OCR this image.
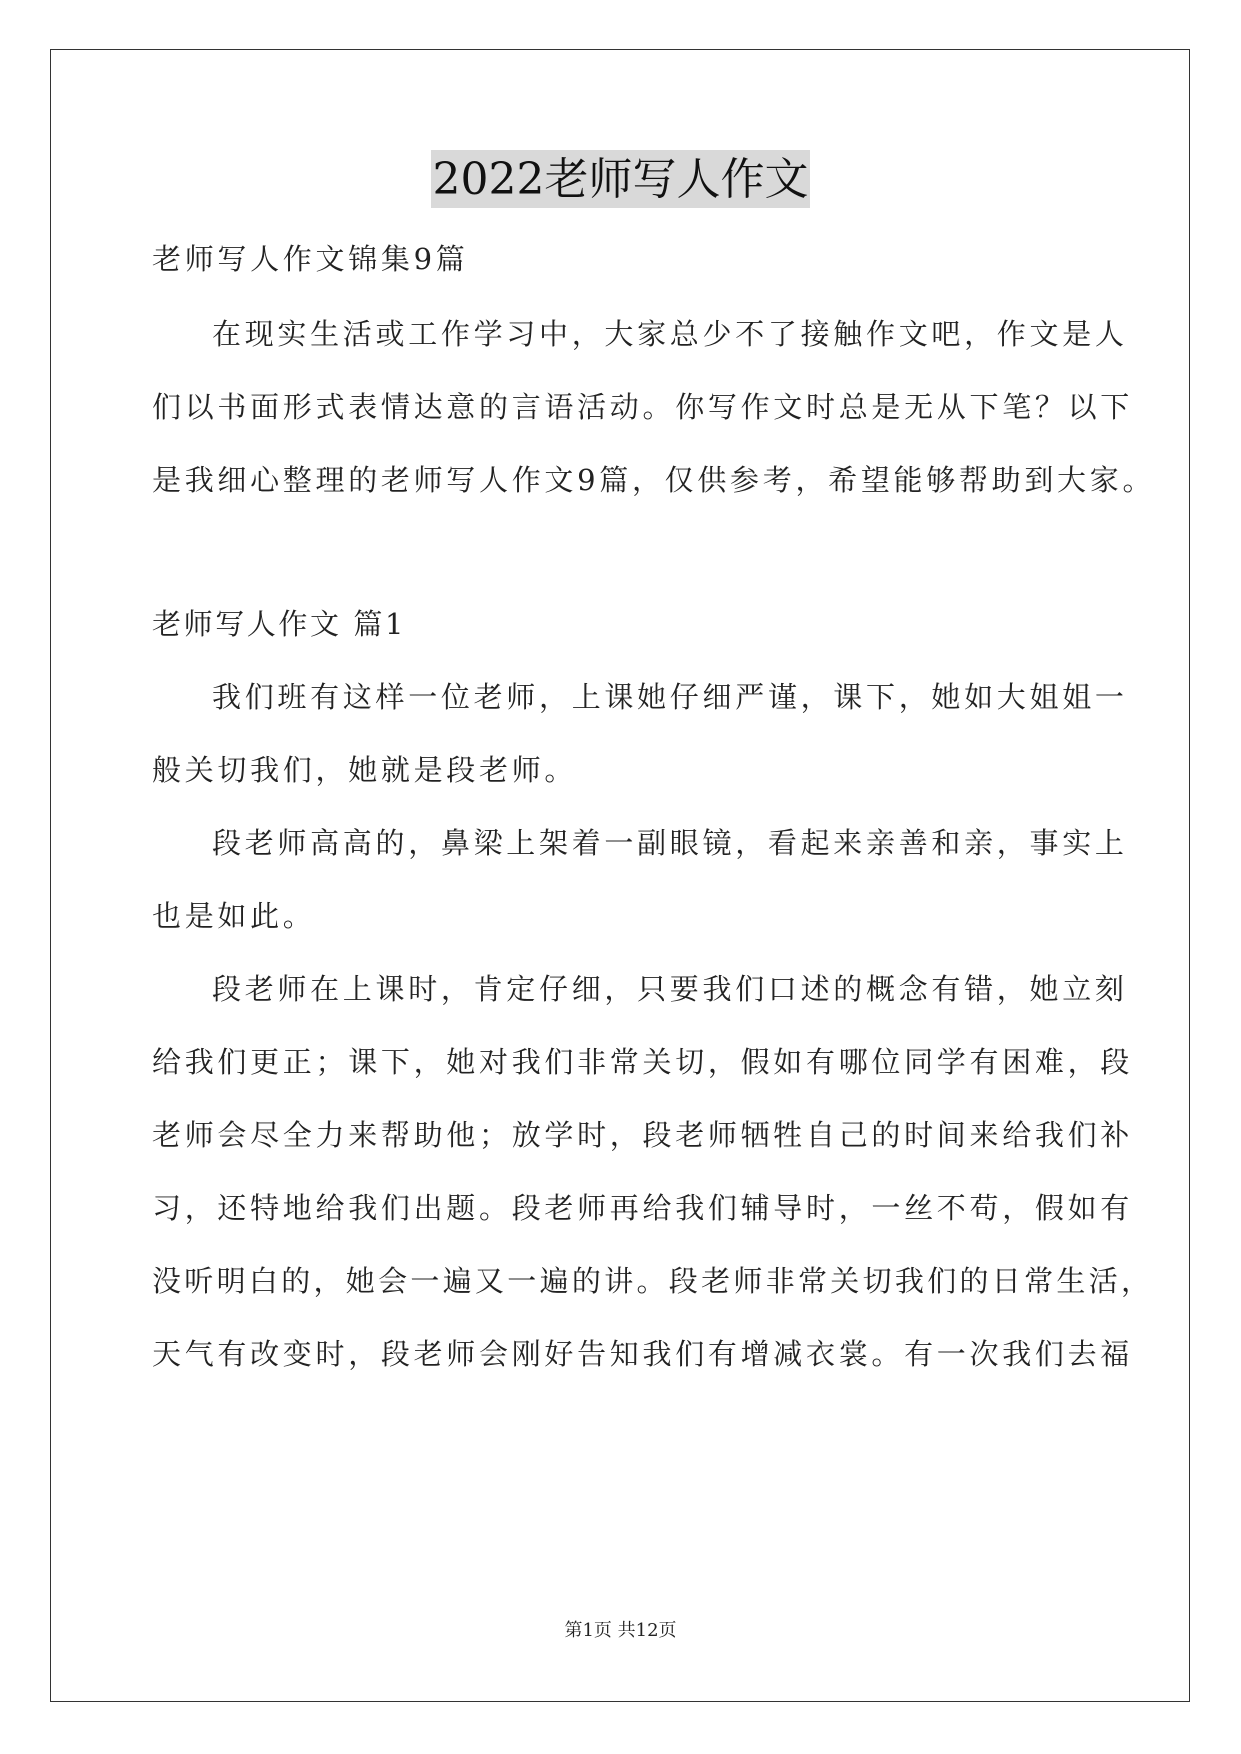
2022老师写人作文

老师写人作文锦集9篇

在现实生活或工作学习中，大家总少不了接触作文吧，作文是人

们以书面形式表情达意的言语活动。你写作文时总是无从下笔？以下

是我细心整理的老师写人作文9篇，仅供参考，希望能够帮助到大家。

老师写人作文 篇1

我们班有这样一位老师，上课她仔细严谨，课下，她如大姐姐一

般关切我们，她就是段老师。

段老师高高的，鼻梁上架着一副眼镜，看起来亲善和亲，事实上

也是如此。

段老师在上课时，肯定仔细，只要我们口述的概念有错，她立刻

给我们更正；课下，她对我们非常关切，假如有哪位同学有困难，段

老师会尽全力来帮助他；放学时，段老师牺牲自己的时间来给我们补

习，还特地给我们出题。段老师再给我们辅导时，一丝不苟，假如有

没听明白的，她会一遍又一遍的讲。段老师非常关切我们的日常生活，

天气有改变时，段老师会刚好告知我们有增减衣裳。有一次我们去福

第1页 共12页
